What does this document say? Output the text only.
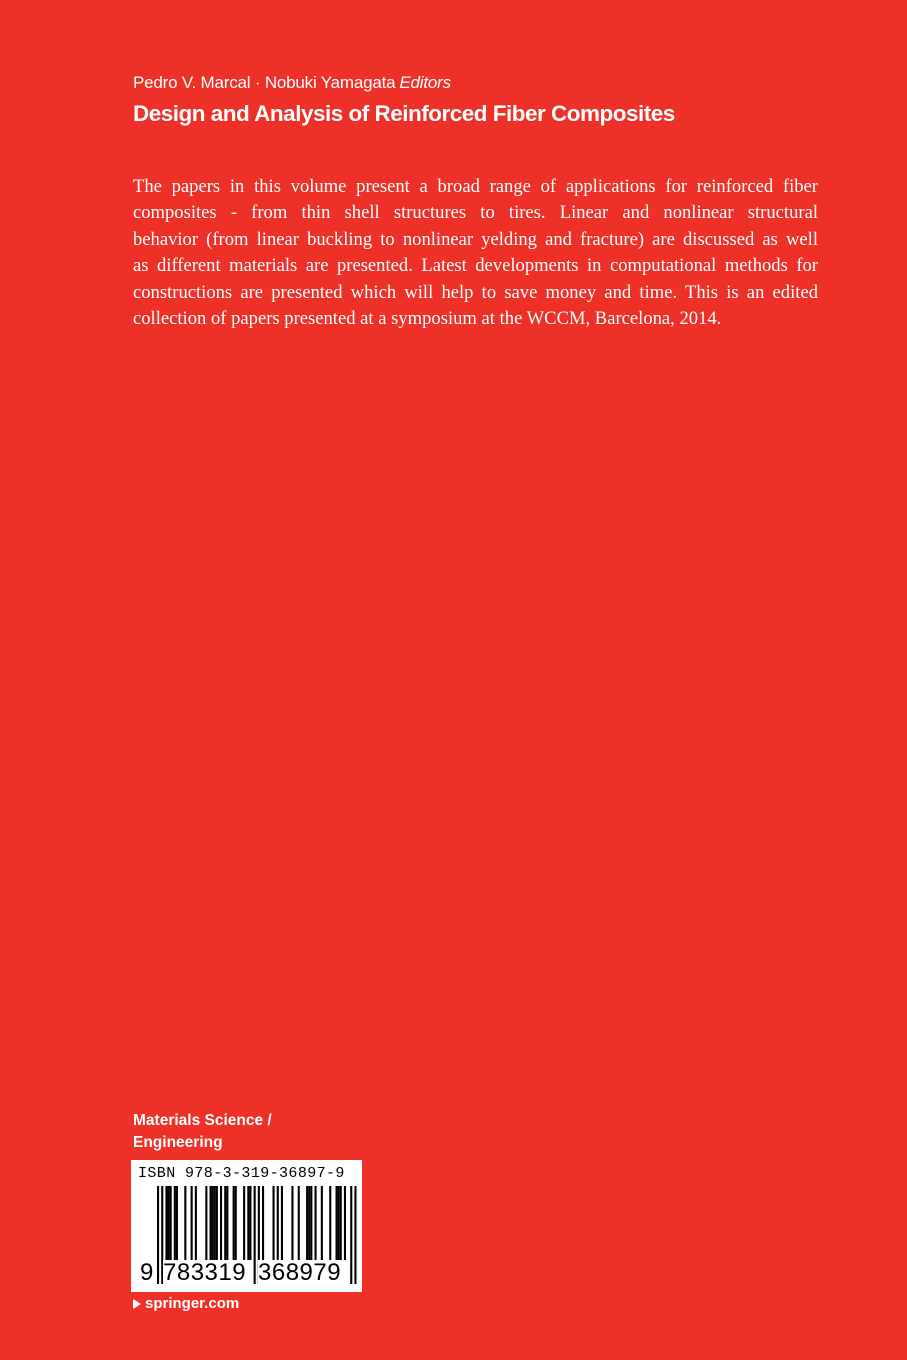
Pedro V. Marcal · Nobuki Yamagata Editors
Design and Analysis of Reinforced Fiber Composites
The papers in this volume present a broad range of applications for reinforced fiber
composites - from thin shell structures to tires. Linear and nonlinear structural
behavior (from linear buckling to nonlinear yelding and fracture) are discussed as well
as different materials are presented. Latest developments in computational methods for
constructions are presented which will help to save money and time. This is an edited
collection of papers presented at a symposium at the WCCM, Barcelona, 2014.
Materials Science /
Engineering
ISBN 978-3-319-36897-9
9 783319 368979
springer.com
